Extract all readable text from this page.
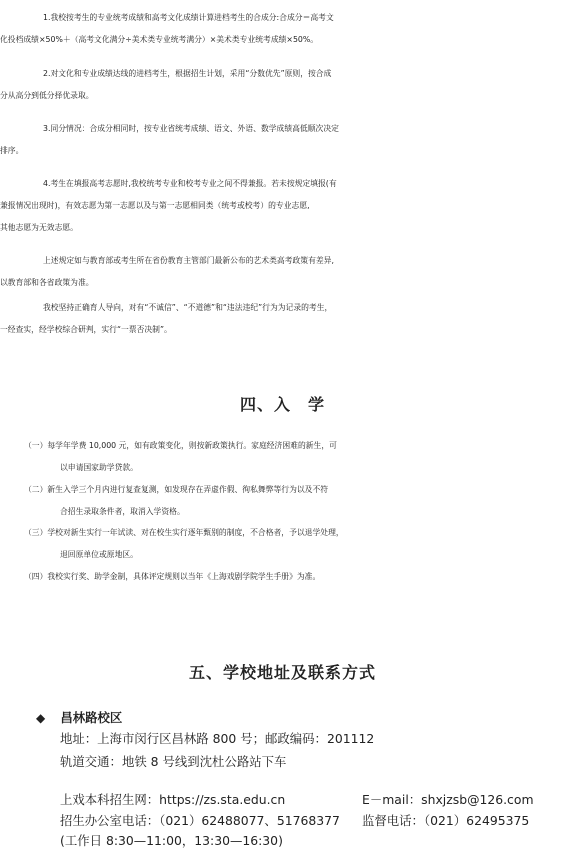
1.我校按考生的专业统考成绩和高考文化成绩计算进档考生的合成分:合成分＝高考文
化投档成绩×50%＋（高考文化满分÷美术类专业统考满分）×美术类专业统考成绩×50%。
2.对文化和专业成绩达线的进档考生，根据招生计划，采用“分数优先”原则，按合成
分从高分到低分择优录取。
3.同分情况：合成分相同时，按专业省统考成绩、语文、外语、数学成绩高低顺次决定
排序。
4.考生在填报高考志愿时,我校统考专业和校考专业之间不得兼报。若未按规定填报(有
兼报情况出现时)，有效志愿为第一志愿以及与第一志愿相同类（统考或校考）的专业志愿,
其他志愿为无效志愿。
上述规定如与教育部或考生所在省份教育主管部门最新公布的艺术类高考政策有差异,
以教育部和各省政策为准。
我校坚持正确育人导向，对有“不诚信”、“不道德”和“违法违纪”行为为记录的考生，
一经查实，经学校综合研判，实行“一票否决制”。
四、入　学
（一）每学年学费 10,000 元，如有政策变化，则按新政策执行。家庭经济困难的新生，可
以申请国家助学贷款。
（二）新生入学三个月内进行复查复测，如发现存在弄虚作假、徇私舞弊等行为以及不符
合招生录取条件者，取消入学资格。
（三）学校对新生实行一年试读、对在校生实行逐年甄别的制度，不合格者，予以退学处理，
退回原单位或原地区。
（四）我校实行奖、助学金制，具体评定规则以当年《上海戏剧学院学生手册》为准。
五、学校地址及联系方式
◆ 昌林路校区
地址：上海市闵行区昌林路 800 号；邮政编码：201112
轨道交通：地铁 8 号线到沈杜公路站下车
上戏本科招生网：https://zs.sta.edu.cn	E－mail：shxjzsb@126.com
招生办公室电话：（021）62488077、51768377 监督电话：（021）62495375
(工作日 8:30—11:00，13:30—16:30)
